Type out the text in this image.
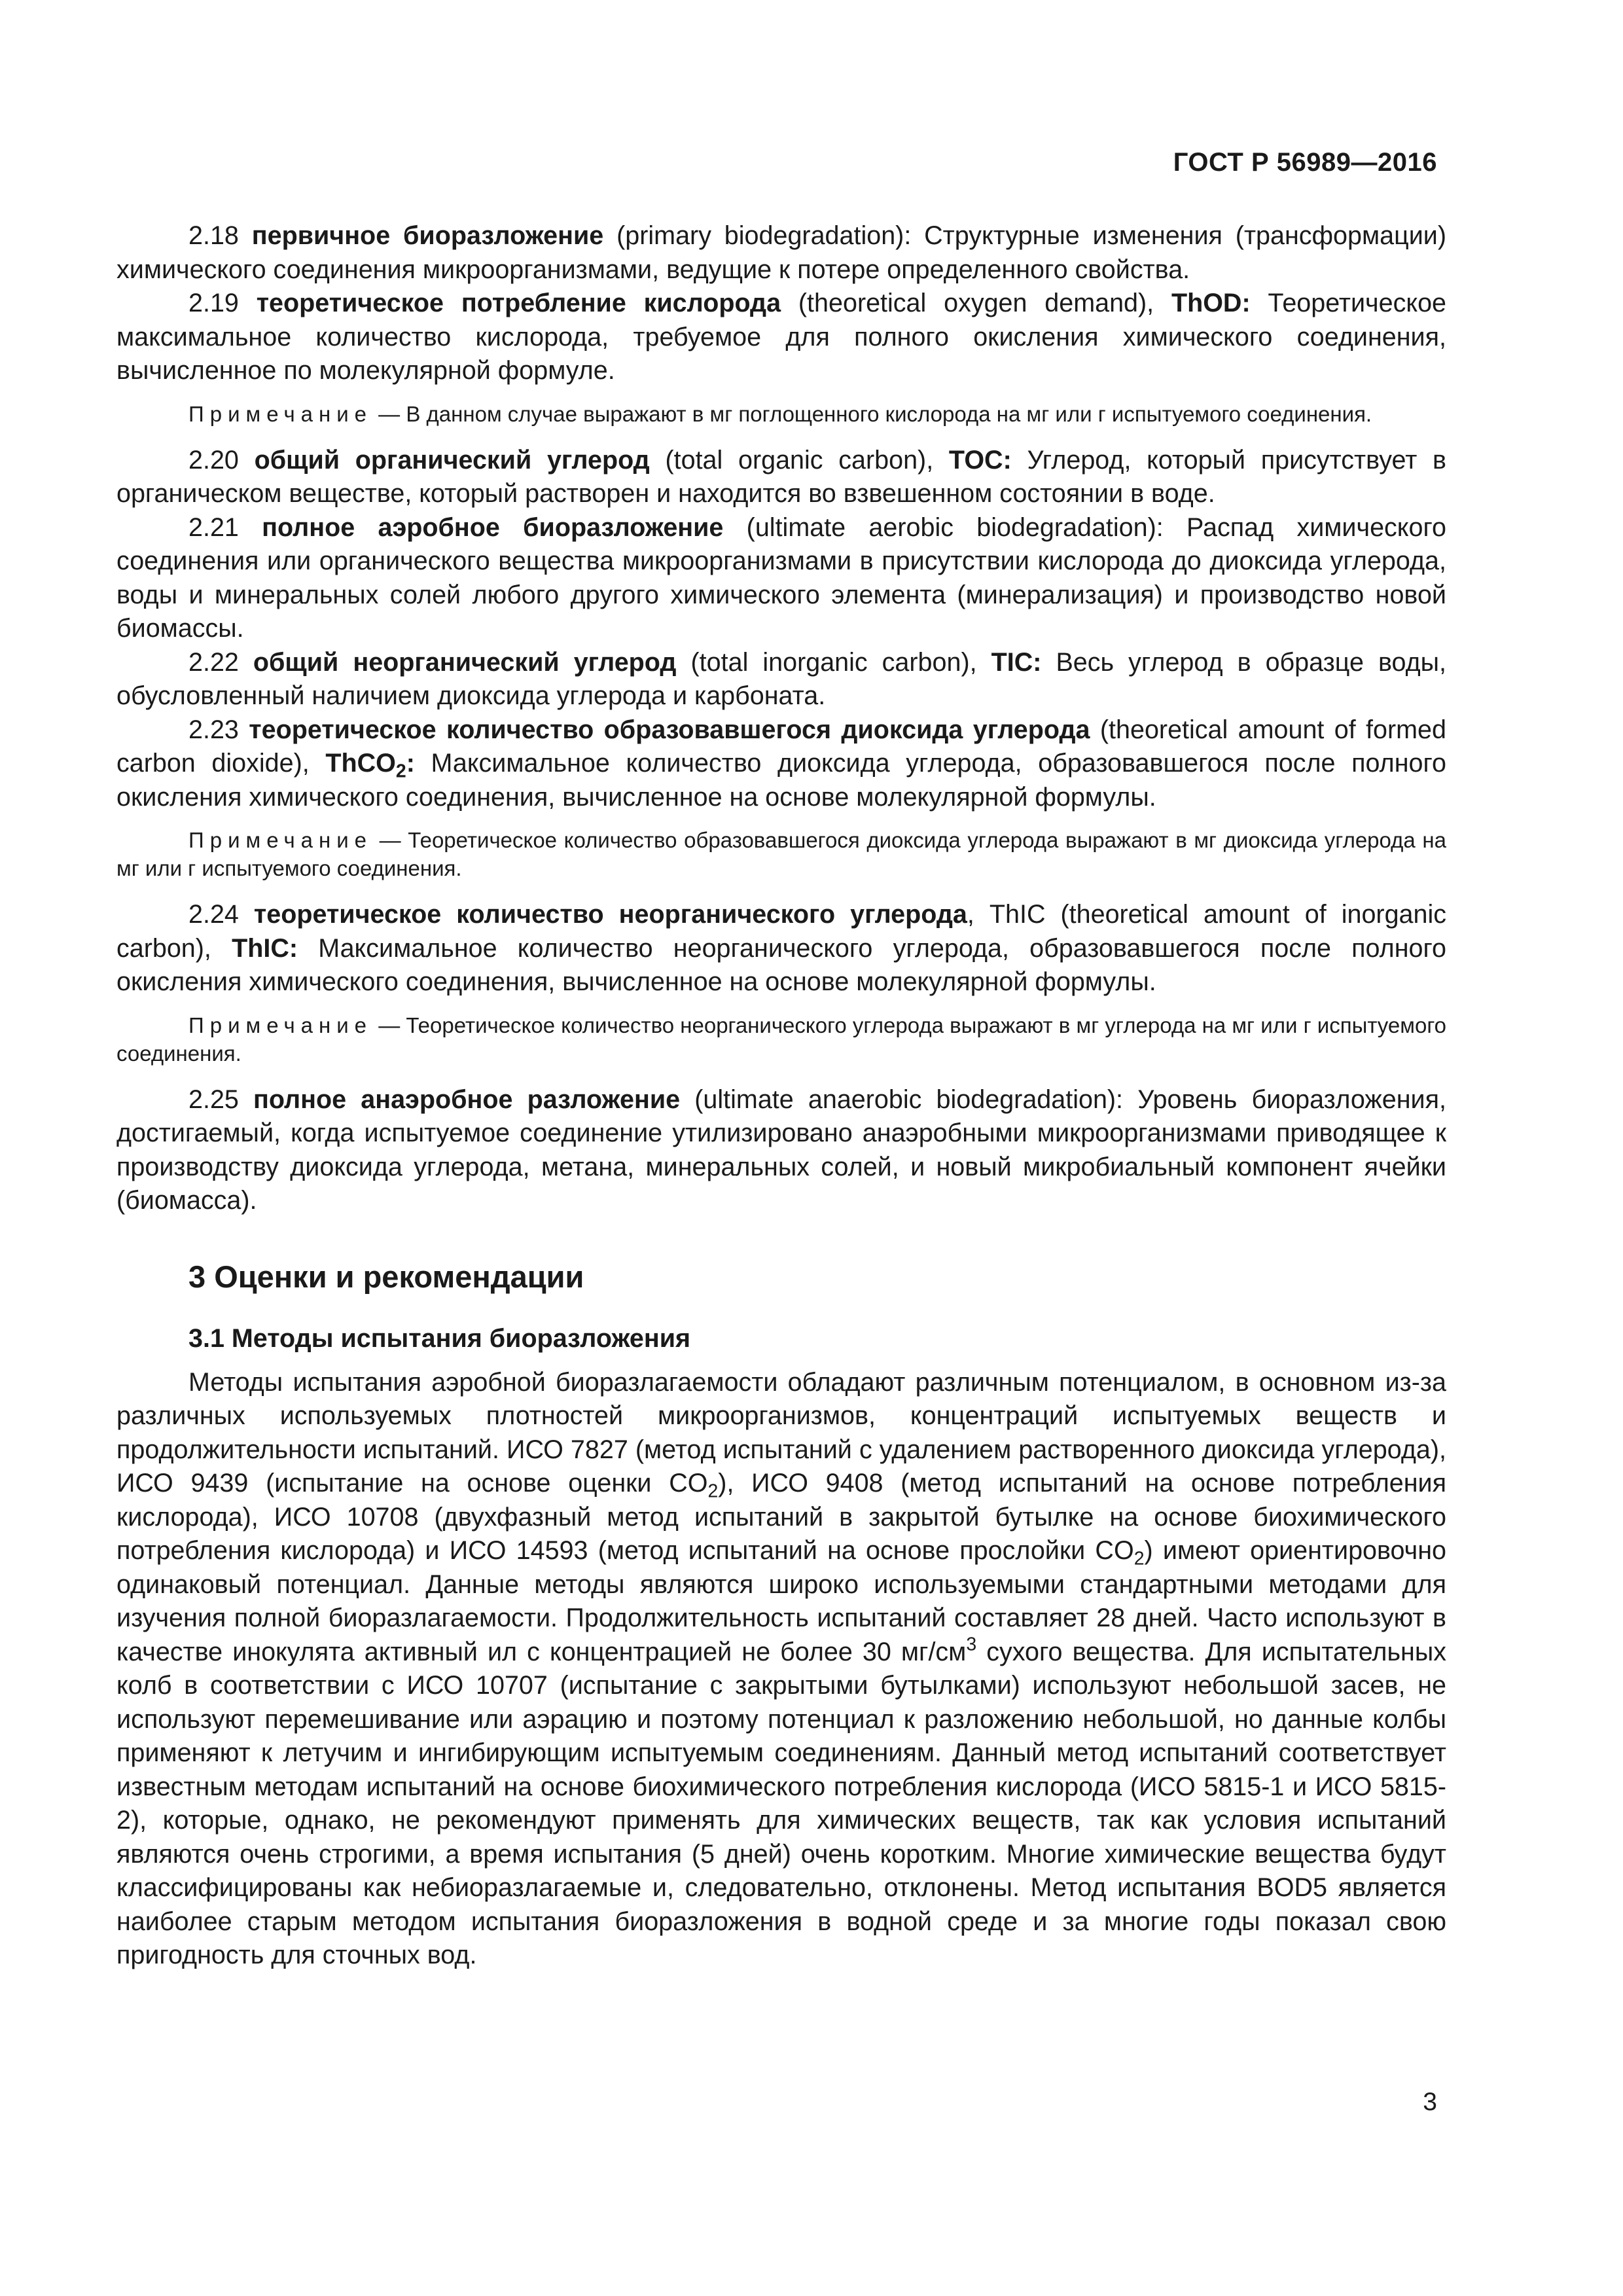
ГОСТ Р 56989—2016

2.18 первичное биоразложение (primary biodegradation): Структурные изменения (трансформации) химического соединения микроорганизмами, ведущие к потере определенного свойства.

2.19 теоретическое потребление кислорода (theoretical oxygen demand), ThOD: Теоретическое максимальное количество кислорода, требуемое для полного окисления химического соединения, вычисленное по молекулярной формуле.

Примечание — В данном случае выражают в мг поглощенного кислорода на мг или г испытуемого соединения.

2.20 общий органический углерод (total organic carbon), TOC: Углерод, который присутствует в органическом веществе, который растворен и находится во взвешенном состоянии в воде.

2.21 полное аэробное биоразложение (ultimate aerobic biodegradation): Распад химического соединения или органического вещества микроорганизмами в присутствии кислорода до диоксида углерода, воды и минеральных солей любого другого химического элемента (минерализация) и производство новой биомассы.

2.22 общий неорганический углерод (total inorganic carbon), TIC: Весь углерод в образце воды, обусловленный наличием диоксида углерода и карбоната.

2.23 теоретическое количество образовавшегося диоксида углерода (theoretical amount of formed carbon dioxide), ThCO$_2$: Максимальное количество диоксида углерода, образовавшегося после полного окисления химического соединения, вычисленное на основе молекулярной формулы.

Примечание — Теоретическое количество образовавшегося диоксида углерода выражают в мг диоксида углерода на мг или г испытуемого соединения.

2.24 теоретическое количество неорганического углерода, ThIC (theoretical amount of inorganic carbon), ThIC: Максимальное количество неорганического углерода, образовавшегося после полного окисления химического соединения, вычисленное на основе молекулярной формулы.

Примечание — Теоретическое количество неорганического углерода выражают в мг углерода на мг или г испытуемого соединения.

2.25 полное анаэробное разложение (ultimate anaerobic biodegradation): Уровень биоразложения, достигаемый, когда испытуемое соединение утилизировано анаэробными микроорганизмами приводящее к производству диоксида углерода, метана, минеральных солей, и новый микробиальный компонент ячейки (биомасса).

3 Оценки и рекомендации
3.1 Методы испытания биоразложения

Методы испытания аэробной биоразлагаемости обладают различным потенциалом, в основном из-за различных используемых плотностей микроорганизмов, концентраций испытуемых веществ и продолжительности испытаний. ИСО 7827 (метод испытаний с удалением растворенного диоксида углерода), ИСО 9439 (испытание на основе оценки $CO_2$), ИСО 9408 (метод испытаний на основе потребления кислорода), ИСО 10708 (двухфазный метод испытаний в закрытой бутылке на основе биохимического потребления кислорода) и ИСО 14593 (метод испытаний на основе прослойки $CO_2$) имеют ориентировочно одинаковый потенциал. Данные методы являются широко используемыми стандартными методами для изучения полной биоразлагаемости. Продолжительность испытаний составляет 28 дней. Часто используют в качестве инокулята активный ил с концентрацией не более 30 $мг/см^3$ сухого вещества. Для испытательных колб в соответствии с ИСО 10707 (испытание с закрытыми бутылками) используют небольшой засев, не используют перемешивание или аэрацию и поэтому потенциал к разложению небольшой, но данные колбы применяют к летучим и ингибирующим испытуемым соединениям. Данный метод испытаний соответствует известным методам испытаний на основе биохимического потребления кислорода (ИСО 5815-1 и ИСО 5815-2), которые, однако, не рекомендуют применять для химических веществ, так как условия испытаний являются очень строгими, а время испытания (5 дней) очень коротким. Многие химические вещества будут классифицированы как небиоразлагаемые и, следовательно, отклонены. Метод испытания BOD5 является наиболее старым методом испытания биоразложения в водной среде и за многие годы показал свою пригодность для сточных вод.

3
